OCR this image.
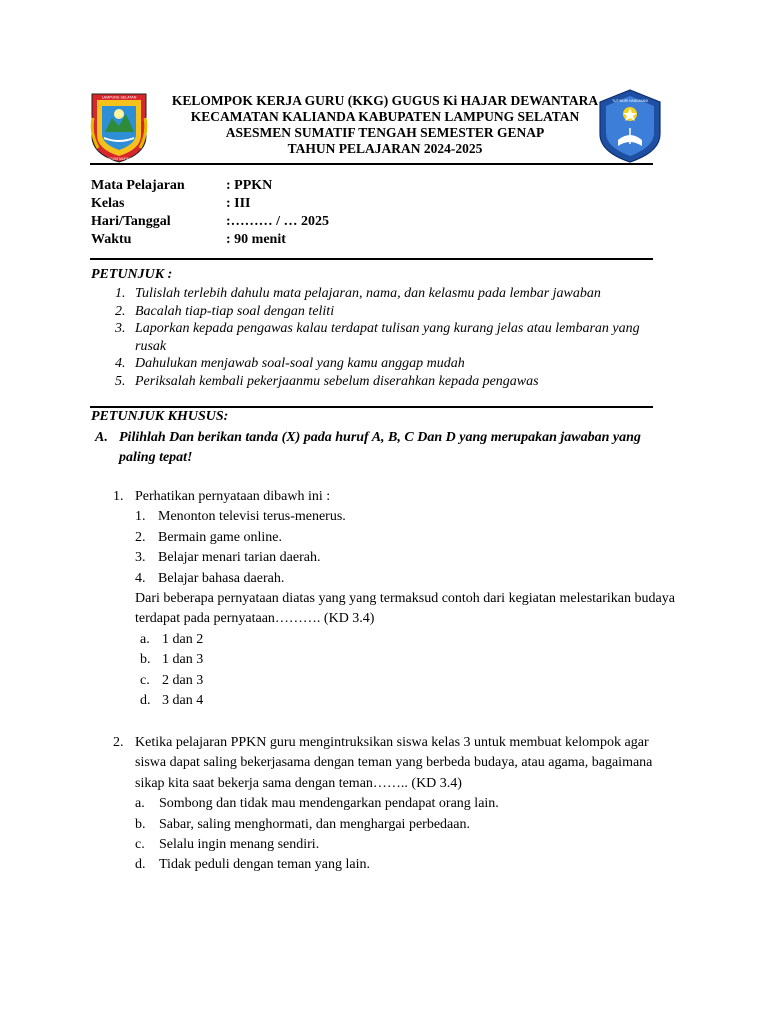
LAMPUNG SELATAN
KHAGOM MUFAKAT
KELOMPOK KERJA GURU (KKG) GUGUS Ki HAJAR DEWANTARA
KECAMATAN KALIANDA KABUPATEN LAMPUNG SELATAN
ASESMEN SUMATIF TENGAH SEMESTER GENAP
TAHUN PELAJARAN 2024-2025
TUT WURI HANDAYANI
Mata Pelajaran	: PPKN
Kelas	: III
Hari/Tanggal	:……… / … 2025
Waktu	: 90 menit
PETUNJUK :
1. Tulislah terlebih dahulu mata pelajaran, nama, dan kelasmu pada lembar jawaban
2. Bacalah tiap-tiap soal dengan teliti
3. Laporkan kepada pengawas kalau terdapat tulisan yang kurang jelas atau lembaran yang rusak
4. Dahulukan menjawab soal-soal yang kamu anggap mudah
5. Periksalah kembali pekerjaanmu sebelum diserahkan kepada pengawas
PETUNJUK KHUSUS:
A. Pilihlah Dan berikan tanda (X) pada huruf A, B, C Dan D yang merupakan jawaban yang paling tepat!
1. Perhatikan pernyataan dibawh ini :
1. Menonton televisi terus-menerus.
2. Bermain game online.
3. Belajar menari tarian daerah.
4. Belajar bahasa daerah.
Dari beberapa pernyataan diatas yang yang termaksud contoh dari kegiatan melestarikan budaya terdapat pada pernyataan………. (KD 3.4)
a. 1 dan 2
b. 1 dan 3
c. 2 dan 3
d. 3 dan 4
2. Ketika pelajaran PPKN guru mengintruksikan siswa kelas 3 untuk membuat kelompok agar siswa dapat saling bekerjasama dengan teman yang berbeda budaya, atau agama, bagaimana sikap kita saat bekerja sama dengan teman…….. (KD 3.4)
a.	Sombong dan tidak mau mendengarkan pendapat orang lain.
b. Sabar, saling menghormati, dan menghargai perbedaan.
c.	Selalu ingin menang sendiri.
d. Tidak peduli dengan teman yang lain.
